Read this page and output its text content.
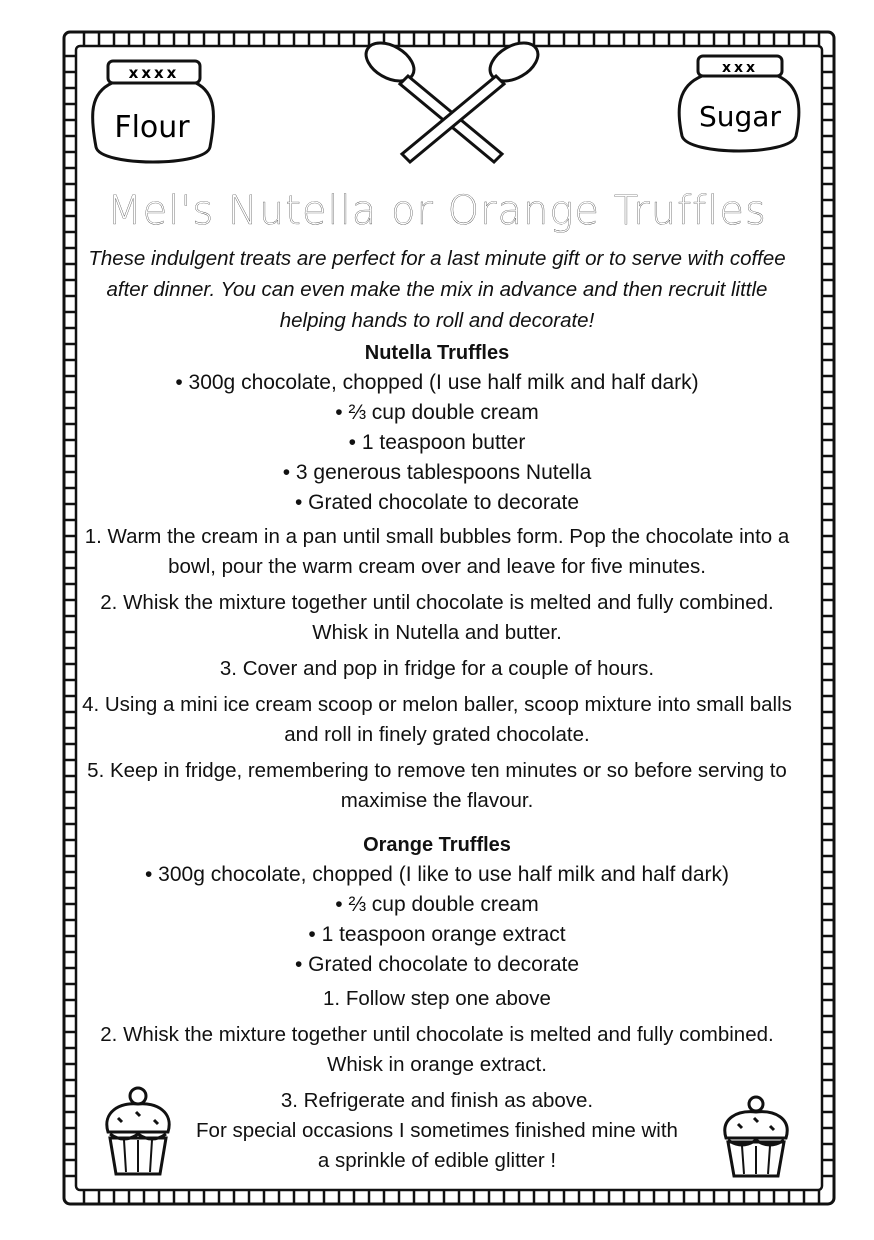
xxxx
Flour
xxx
Sugar
Mel's Nutella or Orange Truffles

These indulgent treats are perfect for a last minute gift or to serve with coffee after dinner. You can even make the mix in advance and then recruit little helping hands to roll and decorate!

Nutella Truffles

• 300g chocolate, chopped (I use half milk and half dark)
• ⅔ cup double cream
• 1 teaspoon butter
• 3 generous tablespoons Nutella
• Grated chocolate to decorate

1. Warm the cream in a pan until small bubbles form. Pop the chocolate into a bowl, pour the warm cream over and leave for five minutes.

2. Whisk the mixture together until chocolate is melted and fully combined. Whisk in Nutella and butter.

3. Cover and pop in fridge for a couple of hours.

4. Using a mini ice cream scoop or melon baller, scoop mixture into small balls and roll in finely grated chocolate.

5. Keep in fridge, remembering to remove ten minutes or so before serving to maximise the flavour.

Orange Truffles

• 300g chocolate, chopped (I like to use half milk and half dark)
• ⅔ cup double cream
• 1 teaspoon orange extract
• Grated chocolate to decorate

1. Follow step one above

2. Whisk the mixture together until chocolate is melted and fully combined. Whisk in orange extract.

3. Refrigerate and finish as above.

For special occasions I sometimes finished mine with a sprinkle of edible glitter !
